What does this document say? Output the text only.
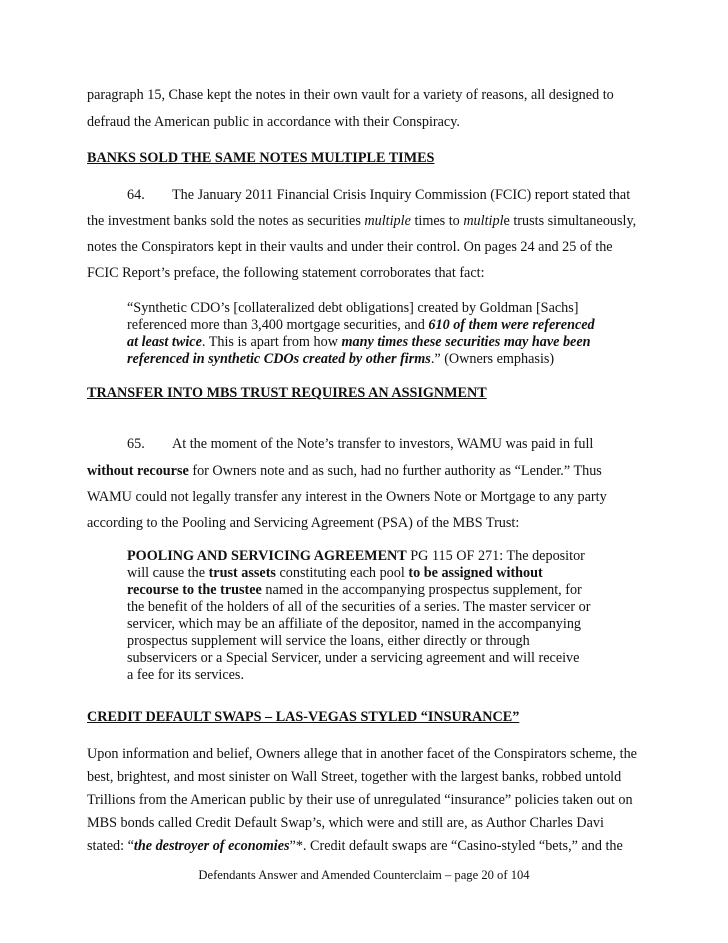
paragraph 15, Chase kept the notes in their own vault for a variety of reasons, all designed to
defraud the American public in accordance with their Conspiracy.
BANKS SOLD THE SAME NOTES MULTIPLE TIMES
64. The January 2011 Financial Crisis Inquiry Commission (FCIC) report stated that
the investment banks sold the notes as securities multiple times to multiple trusts simultaneously,
notes the Conspirators kept in their vaults and under their control. On pages 24 and 25 of the
FCIC Report’s preface, the following statement corroborates that fact:
“Synthetic CDO’s [collateralized debt obligations] created by Goldman [Sachs]
referenced more than 3,400 mortgage securities, and 610 of them were referenced
at least twice. This is apart from how many times these securities may have been
referenced in synthetic CDOs created by other firms.” (Owners emphasis)
TRANSFER INTO MBS TRUST REQUIRES AN ASSIGNMENT
65. At the moment of the Note’s transfer to investors, WAMU was paid in full
without recourse for Owners note and as such, had no further authority as “Lender.” Thus
WAMU could not legally transfer any interest in the Owners Note or Mortgage to any party
according to the Pooling and Servicing Agreement (PSA) of the MBS Trust:
POOLING AND SERVICING AGREEMENT PG 115 OF 271: The depositor
will cause the trust assets constituting each pool to be assigned without
recourse to the trustee named in the accompanying prospectus supplement, for
the benefit of the holders of all of the securities of a series. The master servicer or
servicer, which may be an affiliate of the depositor, named in the accompanying
prospectus supplement will service the loans, either directly or through
subservicers or a Special Servicer, under a servicing agreement and will receive
a fee for its services.
CREDIT DEFAULT SWAPS – LAS-VEGAS STYLED “INSURANCE”
Upon information and belief, Owners allege that in another facet of the Conspirators scheme, the
best, brightest, and most sinister on Wall Street, together with the largest banks, robbed untold
Trillions from the American public by their use of unregulated “insurance” policies taken out on
MBS bonds called Credit Default Swap’s, which were and still are, as Author Charles Davi
stated: “the destroyer of economies”*. Credit default swaps are “Casino-styled “bets,” and the
Defendants Answer and Amended Counterclaim – page 20 of 104
